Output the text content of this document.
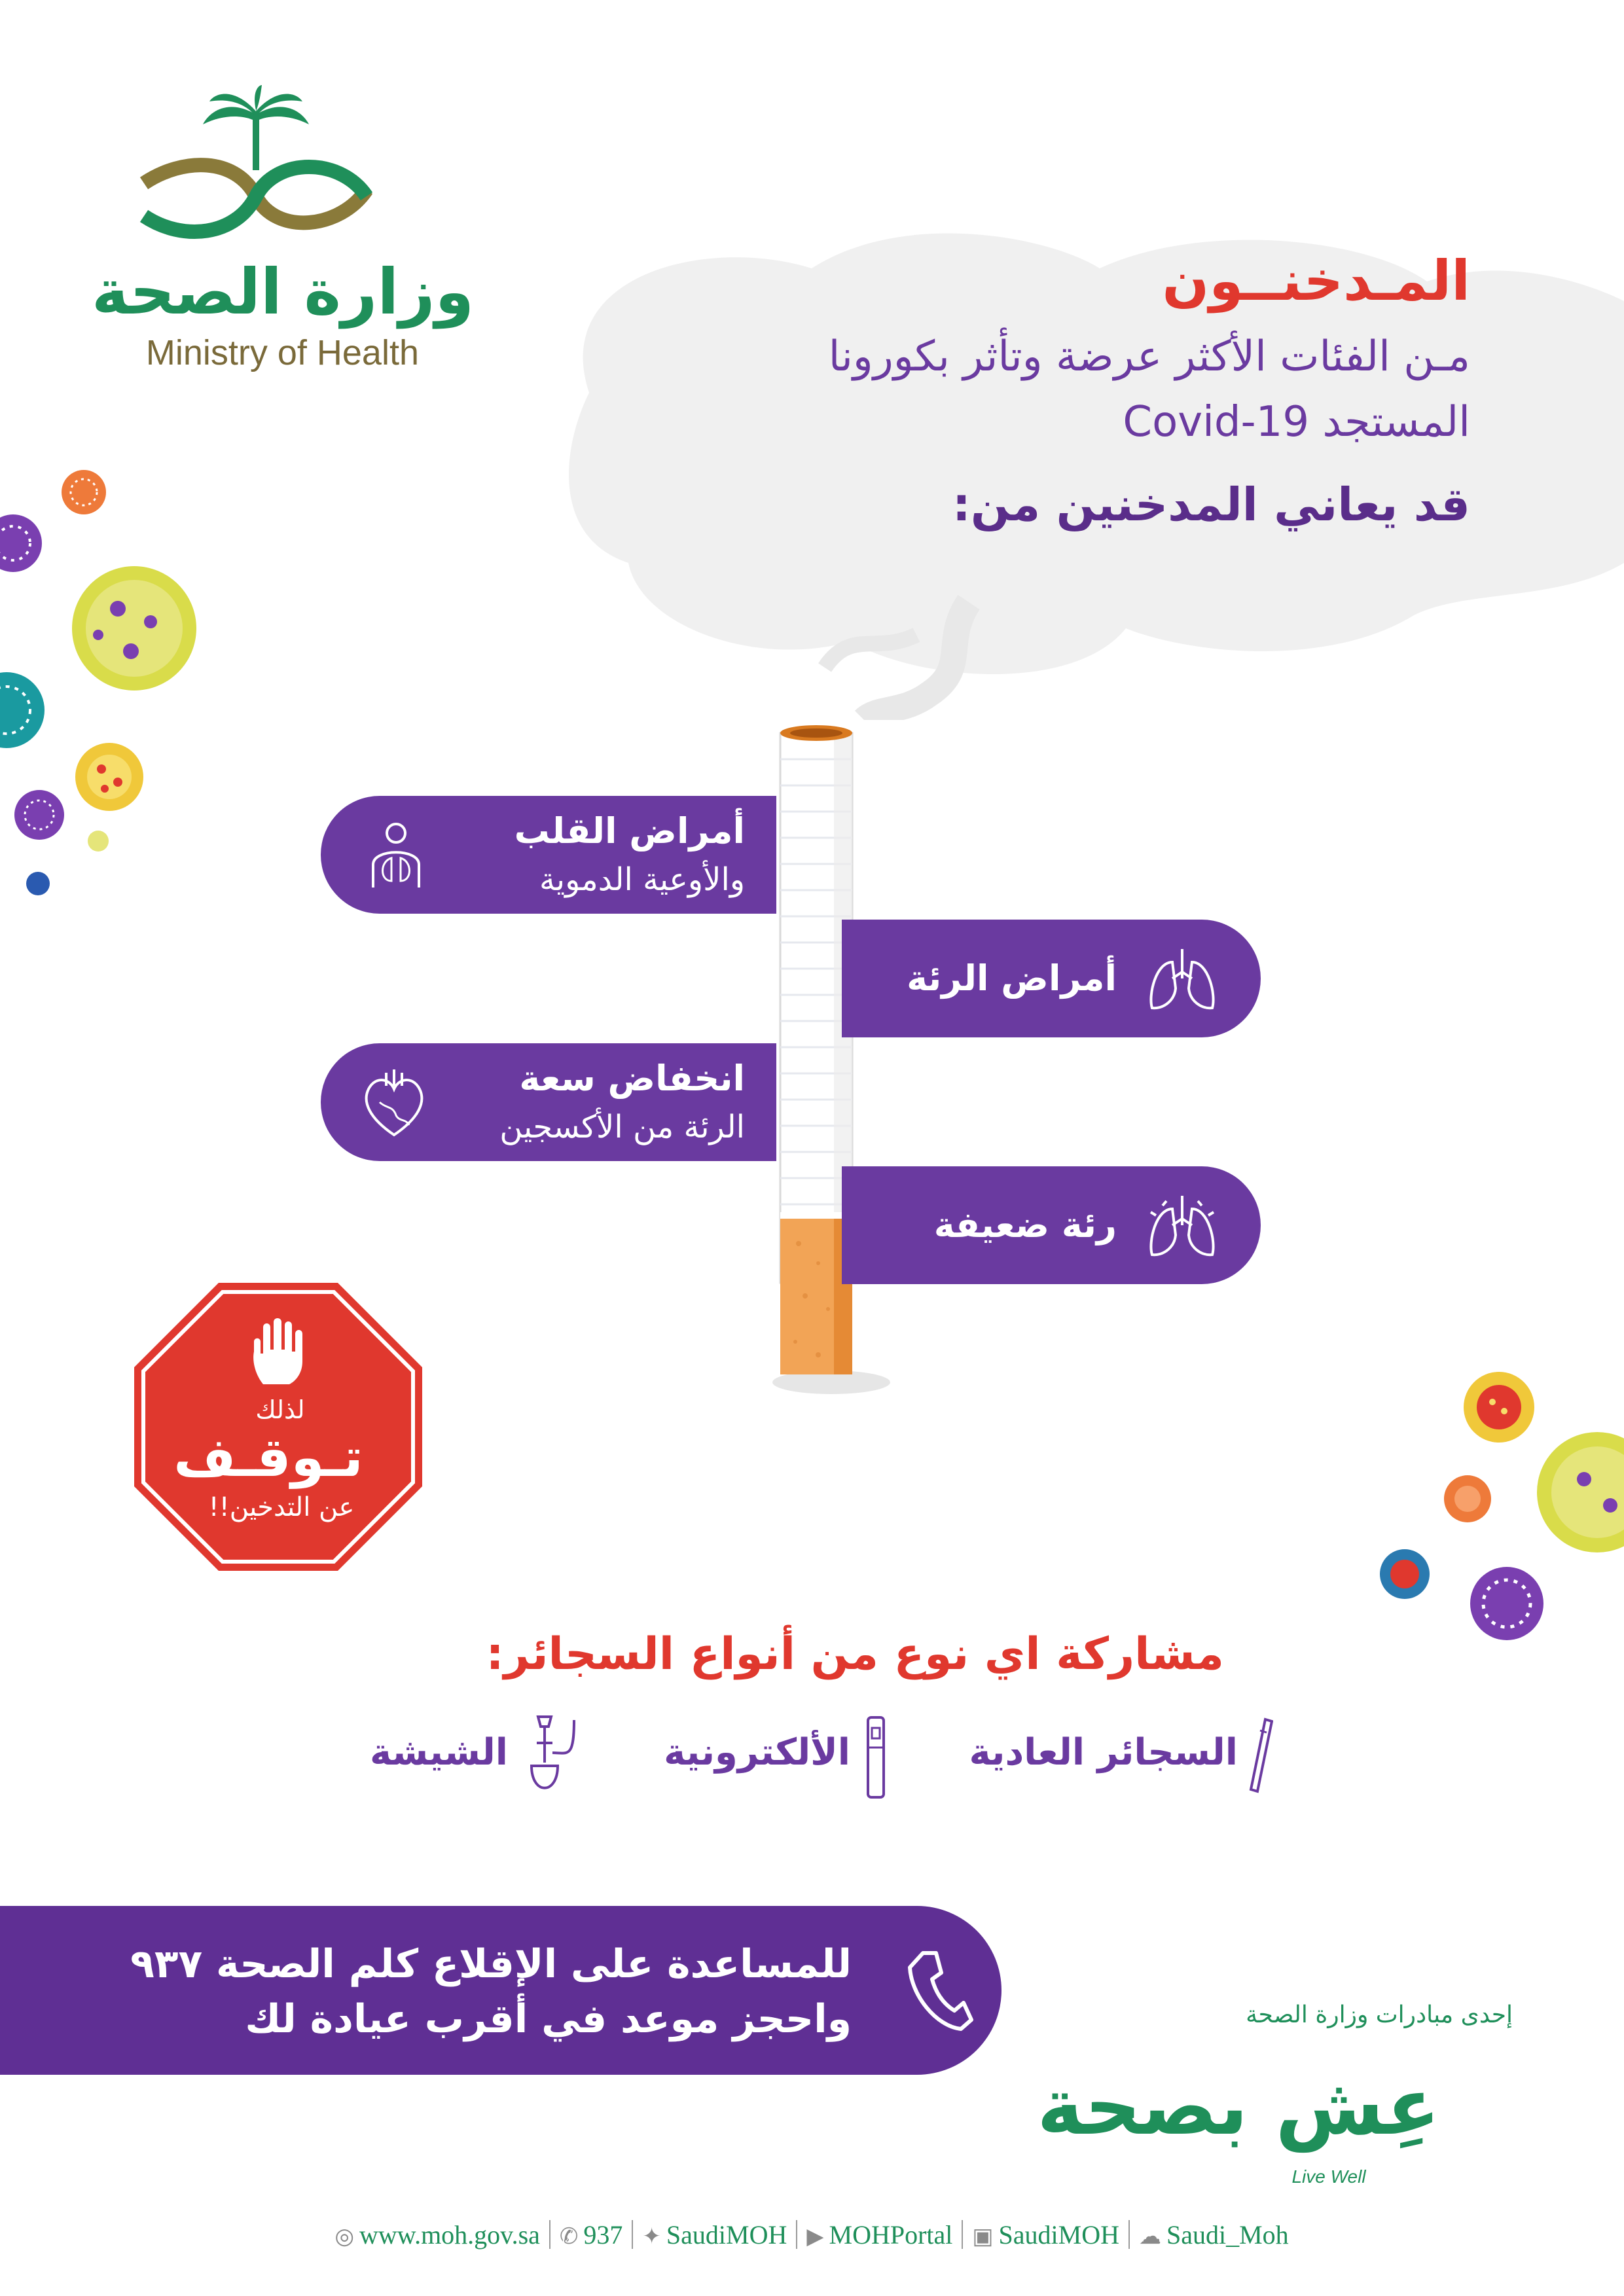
وزارة الصحة
Ministry of Health
المـدخنــون
مـن الفئات الأكثر عرضة وتأثر بكورونا
المستجد Covid-19
قد يعاني المدخنين من:
أمراض القلب
والأوعية الدموية
أمراض الرئة
انخفاض سعة
الرئة من الأكسجين
رئة ضعيفة
لذلك
تـوقـف
عن التدخين!!
مشاركة اي نوع من أنواع السجائر:
السجائر العادية
الألكترونية
الشيشة
للمساعدة على الإقلاع كلم الصحة ٩٣٧
واحجز موعد في أقرب عيادة لك	إحدى مبادرات وزارة الصحة
عِش بصحة
Live Well
◎ www.moh.gov.sa ✆ 937 ✦ SaudiMOH ▶ MOHPortal ▣ SaudiMOH ☁ Saudi_Moh
